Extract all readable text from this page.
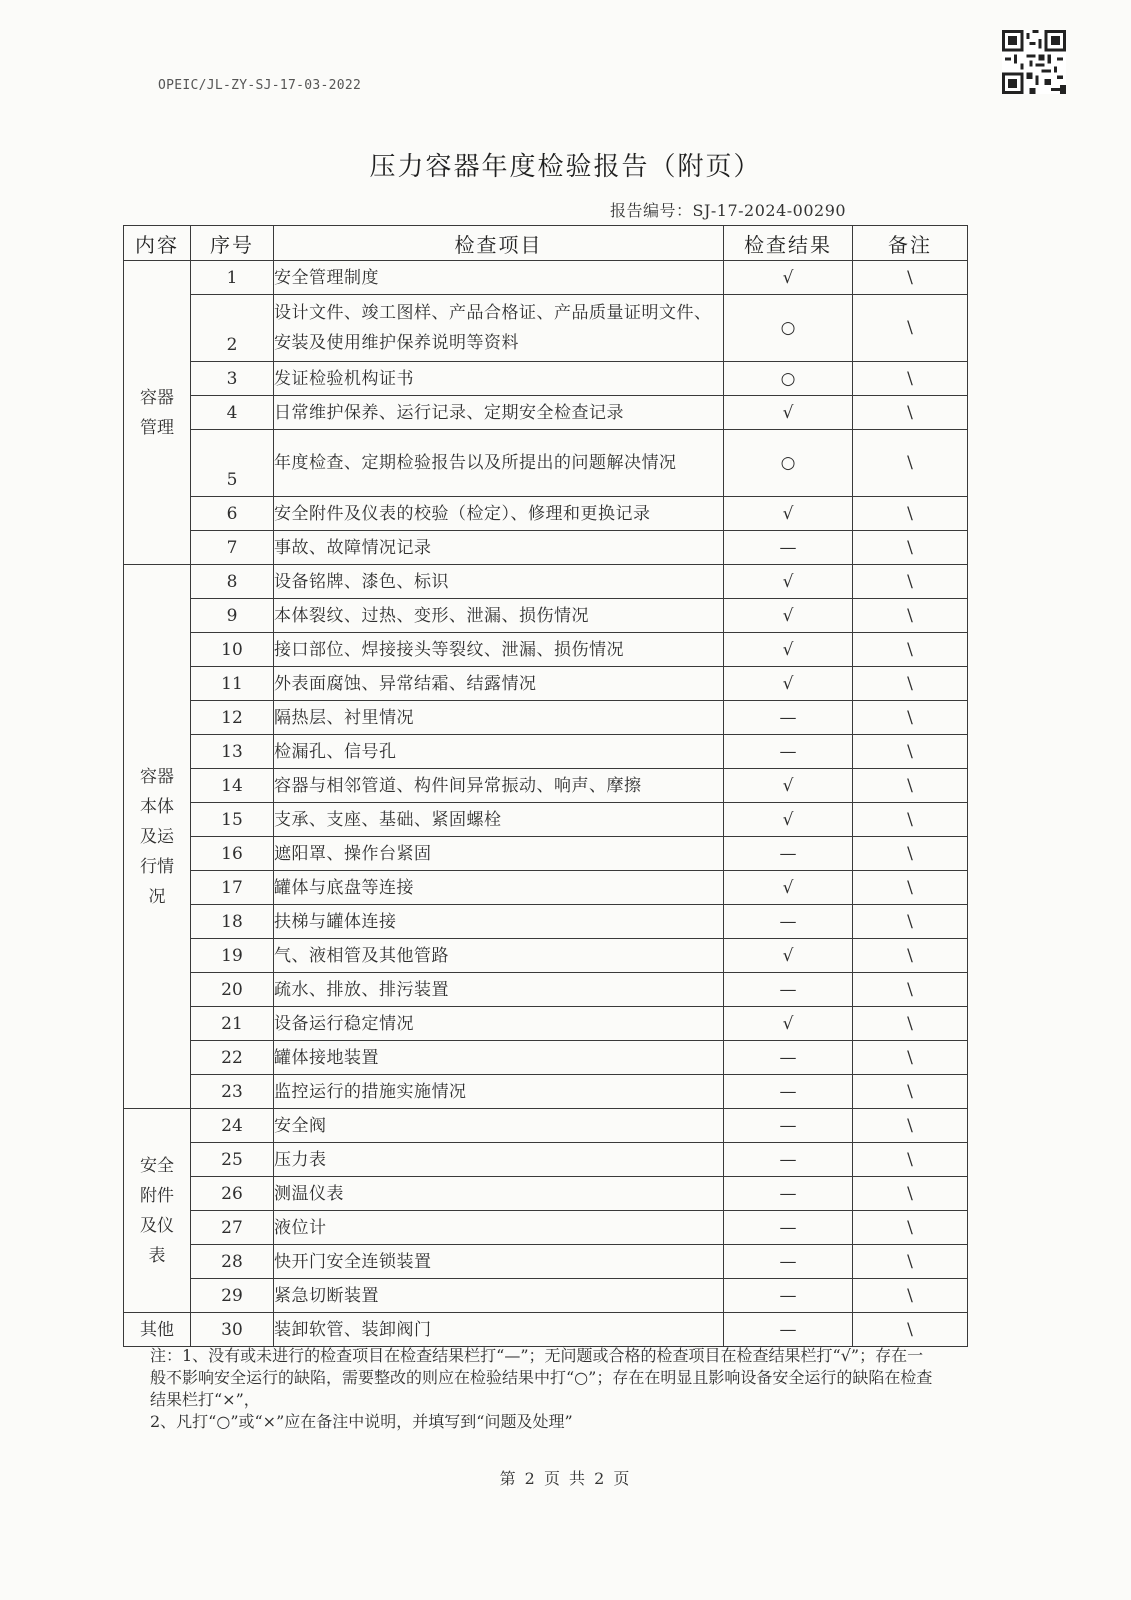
OPEIC/JL-ZY-SJ-17-03-2022
压力容器年度检验报告（附页）
报告编号：SJ-17-2024-00290
内容	序号	检查项目	检查结果	备注
容器
管理	1	安全管理制度	√	\
	2	设计文件、竣工图样、产品合格证、产品质量证明文件、安装及使用维护保养说明等资料	○	\
	3	发证检验机构证书	○	\
	4	日常维护保养、运行记录、定期安全检查记录	√	\
	5	年度检查、定期检验报告以及所提出的问题解决情况	○	\
	6	安全附件及仪表的校验（检定）、修理和更换记录	√	\
	7	事故、故障情况记录	—	\
容器
本体
及运
行情
况	8	设备铭牌、漆色、标识	√	\
	9	本体裂纹、过热、变形、泄漏、损伤情况	√	\
	10	接口部位、焊接接头等裂纹、泄漏、损伤情况	√	\
	11	外表面腐蚀、异常结霜、结露情况	√	\
	12	隔热层、衬里情况	—	\
	13	检漏孔、信号孔	—	\
	14	容器与相邻管道、构件间异常振动、响声、摩擦	√	\
	15	支承、支座、基础、紧固螺栓	√	\
	16	遮阳罩、操作台紧固	—	\
	17	罐体与底盘等连接	√	\
	18	扶梯与罐体连接	—	\
	19	气、液相管及其他管路	√	\
	20	疏水、排放、排污装置	—	\
	21	设备运行稳定情况	√	\
	22	罐体接地装置	—	\
	23	监控运行的措施实施情况	—	\
安全
附件
及仪
表	24	安全阀	—	\
	25	压力表	—	\
	26	测温仪表	—	\
	27	液位计	—	\
	28	快开门安全连锁装置	—	\
	29	紧急切断装置	—	\
其他	30	装卸软管、装卸阀门	—	\

注：1、没有或未进行的检查项目在检查结果栏打“—”；无问题或合格的检查项目在检查结果栏打“√”；存在一般不影响安全运行的缺陷，需要整改的则应在检验结果中打“○”；存在在明显且影响设备安全运行的缺陷在检查结果栏打“×”，

2、凡打“○”或“×”应在备注中说明，并填写到“问题及处理”

第 2 页 共 2 页
